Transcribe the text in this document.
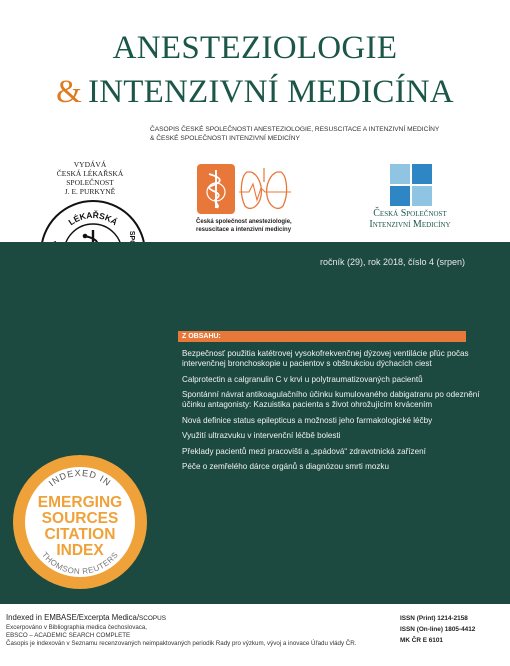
ANESTEZIOLOGIE
& INTENZIVNÍ MEDICÍNA
ČASOPIS ČESKÉ SPOLEČNOSTI ANESTEZIOLOGIE, RESUSCITACE A INTENZIVNÍ MEDICÍNY
& ČESKÉ SPOLEČNOSTI INTENZIVNÍ MEDICÍNY
VYDÁVÁ
ČESKÁ LÉKAŘSKÁ
SPOLEČNOST
J. E. PURKYNĚ
LÉKAŘSKÁ	Česká společnost anesteziologie,
resuscitace a intenzivní medicíny
Česká Společnost
Intenzivní Medicíny
ročník (29), rok 2018, číslo 4 (srpen)
Z OBSAHU:
Bezpečnosť použitia katétrovej vysokofrekvenčnej dýzovej ventilácie pľúc počas intervenčnej bronchoskopie u pacientov s obštrukciou dýchacích ciest
Calprotectin a calgranulin C v krvi u polytraumatizovaných pacientů
Spontánní návrat antikoagulačního účinku kumulovaného dabigatranu po odeznění účinku antagonisty: Kazuistika pacienta s život ohrožujícím krvácením
Nová definice status epilepticus a možnosti jeho farmakologické léčby
Využití ultrazvuku v intervenční léčbě bolesti
Překlady pacientů mezi pracovišti a „spádová“ zdravotnická zařízení
Péče o zemřelého dárce orgánů s diagnózou smrti mozku
INDEXED IN
EMERGING
SOURCES
CITATION
INDEX
THOMSON REUTERS
Indexed in EMBASE/Excerpta Medica/SCOPUS
Excerpováno v Bibliographia medica čechoslovaca,
EBSCO – ACADEMIC SEARCH COMPLETE
Časopis je indexován v Seznamu recenzovaných neimpaktovaných periodik Rady pro výzkum, vývoj a inovace Úřadu vlády ČR.
ISSN (Print) 1214-2158
ISSN (On-line) 1805-4412
MK ČR E 6101
